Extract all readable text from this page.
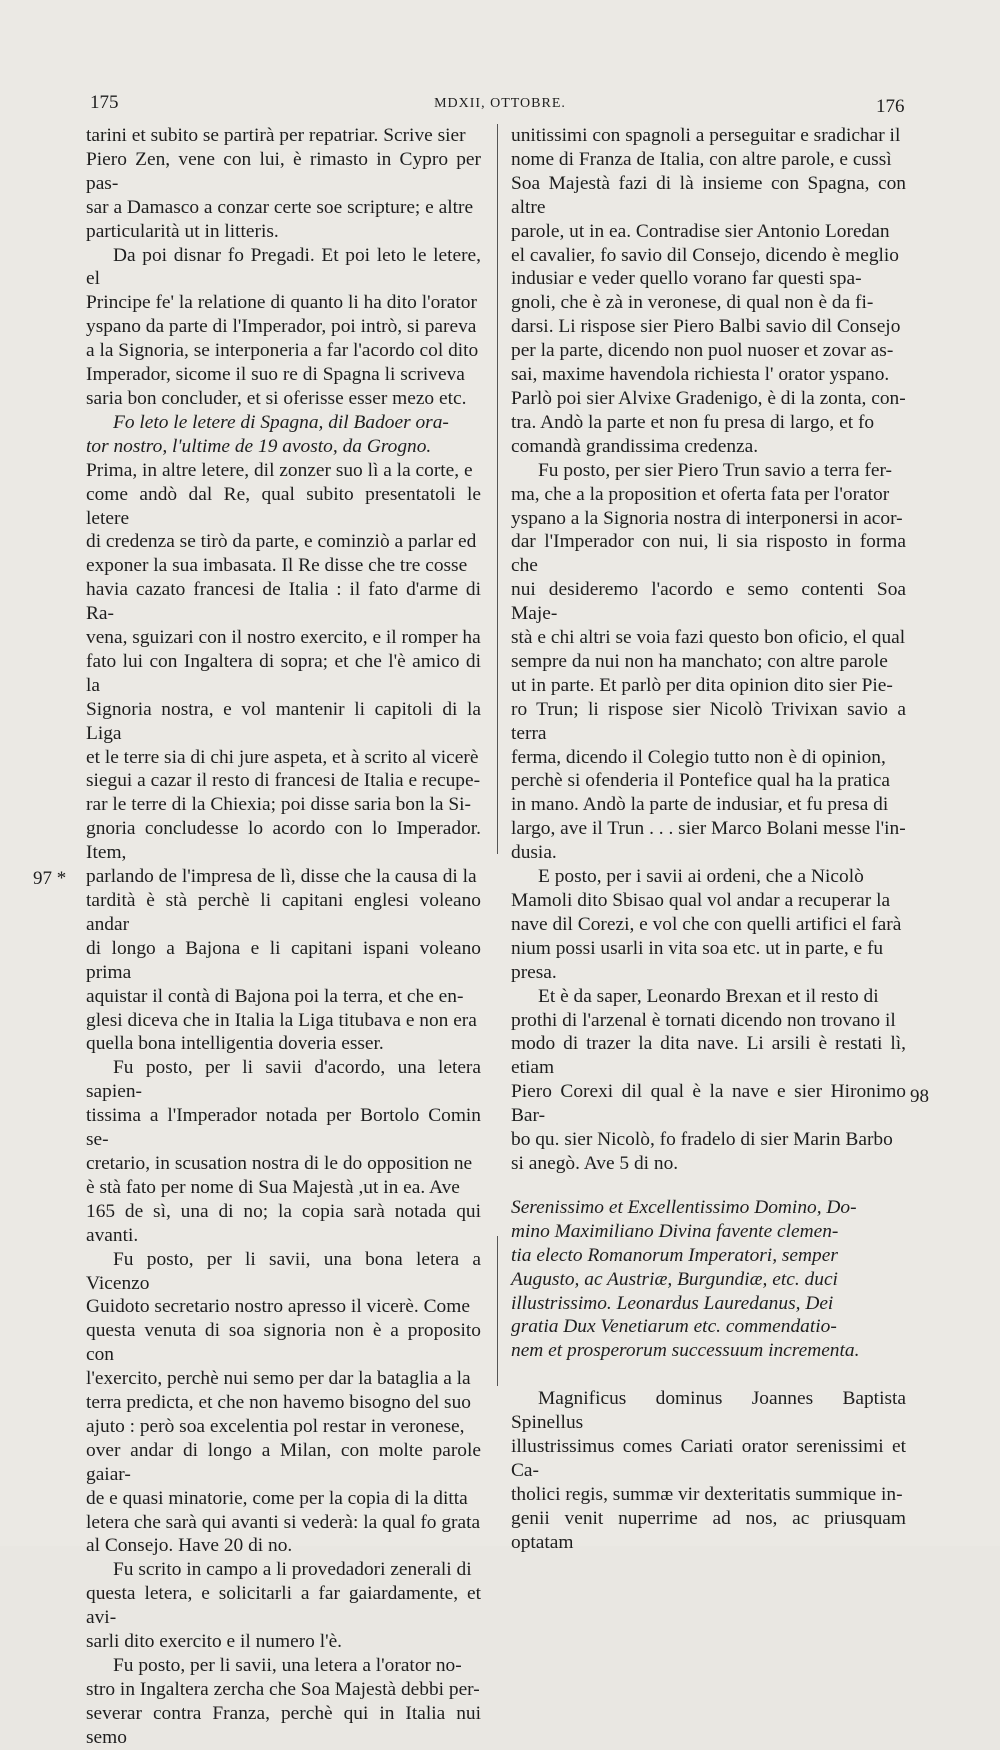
175	MDXII, OTTOBRE.	176
97 *
98

tarini et subito se partirà per repatriar. Scrive sier

Piero Zen, vene con lui, è rimasto in Cypro per pas-

sar a Damasco a conzar certe soe scripture; e altre

particularità ut in litteris.

Da poi disnar fo Pregadi. Et poi leto le letere, el

Principe fe' la relatione di quanto li ha dito l'orator

yspano da parte di l'Imperador, poi intrò, si pareva

a la Signoria, se interponeria a far l'acordo col dito

Imperador, sicome il suo re di Spagna li scriveva

saria bon concluder, et si oferisse esser mezo etc.

Fo leto le letere di Spagna, dil Badoer ora-

tor nostro, l'ultime de 19 avosto, da Grogno.

Prima, in altre letere, dil zonzer suo lì a la corte, e

come andò dal Re, qual subito presentatoli le letere

di credenza se tirò da parte, e cominziò a parlar ed

exponer la sua imbasata. Il Re disse che tre cosse

havia cazato francesi de Italia : il fato d'arme di Ra-

vena, sguizari con il nostro exercito, e il romper ha

fato lui con Ingaltera di sopra; et che l'è amico di la

Signoria nostra, e vol mantenir li capitoli di la Liga

et le terre sia di chi jure aspeta, et à scrito al vicerè

siegui a cazar il resto di francesi de Italia e recupe-

rar le terre di la Chiexia; poi disse saria bon la Si-

gnoria concludesse lo acordo con lo Imperador. Item,

parlando de l'impresa de lì, disse che la causa di la

tardità è stà perchè li capitani englesi voleano andar

di longo a Bajona e li capitani ispani voleano prima

aquistar il contà di Bajona poi la terra, et che en-

glesi diceva che in Italia la Liga titubava e non era

quella bona intelligentia doveria esser.

Fu posto, per li savii d'acordo, una letera sapien-

tissima a l'Imperador notada per Bortolo Comin se-

cretario, in scusation nostra di le do opposition ne

è stà fato per nome di Sua Majestà ,ut in ea. Ave

165 de sì, una di no; la copia sarà notada qui avanti.

Fu posto, per li savii, una bona letera a Vicenzo

Guidoto secretario nostro apresso il vicerè. Come

questa venuta di soa signoria non è a proposito con

l'exercito, perchè nui semo per dar la bataglia a la

terra predicta, et che non havemo bisogno del suo

ajuto : però soa excelentia pol restar in veronese,

over andar di longo a Milan, con molte parole gaiar-

de e quasi minatorie, come per la copia di la ditta

letera che sarà qui avanti si vederà: la qual fo grata

al Consejo. Have 20 di no.

Fu scrito in campo a li provedadori zenerali di

questa letera, e solicitarli a far gaiardamente, et avi-

sarli dito exercito e il numero l'è.

Fu posto, per li savii, una letera a l'orator no-

stro in Ingaltera zercha che Soa Majestà debbi per-

severar contra Franza, perchè qui in Italia nui semo

unitissimi con spagnoli a perseguitar e sradichar il

nome di Franza de Italia, con altre parole, e cussì

Soa Majestà fazi di là insieme con Spagna, con altre

parole, ut in ea. Contradise sier Antonio Loredan

el cavalier, fo savio dil Consejo, dicendo è meglio

indusiar e veder quello vorano far questi spa-

gnoli, che è zà in veronese, di qual non è da fi-

darsi. Li rispose sier Piero Balbi savio dil Consejo

per la parte, dicendo non puol nuoser et zovar as-

sai, maxime havendola richiesta l' orator yspano.

Parlò poi sier Alvixe Gradenigo, è di la zonta, con-

tra. Andò la parte et non fu presa di largo, et fo

comandà grandissima credenza.

Fu posto, per sier Piero Trun savio a terra fer-

ma, che a la proposition et oferta fata per l'orator

yspano a la Signoria nostra di interponersi in acor-

dar l'Imperador con nui, li sia risposto in forma che

nui desideremo l'acordo e semo contenti Soa Maje-

stà e chi altri se voia fazi questo bon oficio, el qual

sempre da nui non ha manchato; con altre parole

ut in parte. Et parlò per dita opinion dito sier Pie-

ro Trun; li rispose sier Nicolò Trivixan savio a terra

ferma, dicendo il Colegio tutto non è di opinion,

perchè si ofenderia il Pontefice qual ha la pratica

in mano. Andò la parte de indusiar, et fu presa di

largo, ave il Trun . . . sier Marco Bolani messe l'in-

dusia.

E posto, per i savii ai ordeni, che a Nicolò

Mamoli dito Sbisao qual vol andar a recuperar la

nave dil Corezi, e vol che con quelli artifici el farà

nium possi usarli in vita soa etc. ut in parte, e fu

presa.

Et è da saper, Leonardo Brexan et il resto di

prothi di l'arzenal è tornati dicendo non trovano il

modo di trazer la dita nave. Li arsili è restati lì, etiam

Piero Corexi dil qual è la nave e sier Hironimo Bar-

bo qu. sier Nicolò, fo fradelo di sier Marin Barbo

si anegò. Ave 5 di no.

Serenissimo et Excellentissimo Domino, Do-

mino Maximiliano Divina favente clemen-

tia electo Romanorum Imperatori, semper

Augusto, ac Austriæ, Burgundiæ, etc. duci

illustrissimo. Leonardus Lauredanus, Dei

gratia Dux Venetiarum etc. commendatio-

nem et prosperorum successuum incrementa.

Magnificus dominus Joannes Baptista Spinellus

illustrissimus comes Cariati orator serenissimi et Ca-

tholici regis, summæ vir dexteritatis summique in-

genii venit nuperrime ad nos, ac priusquam optatam
